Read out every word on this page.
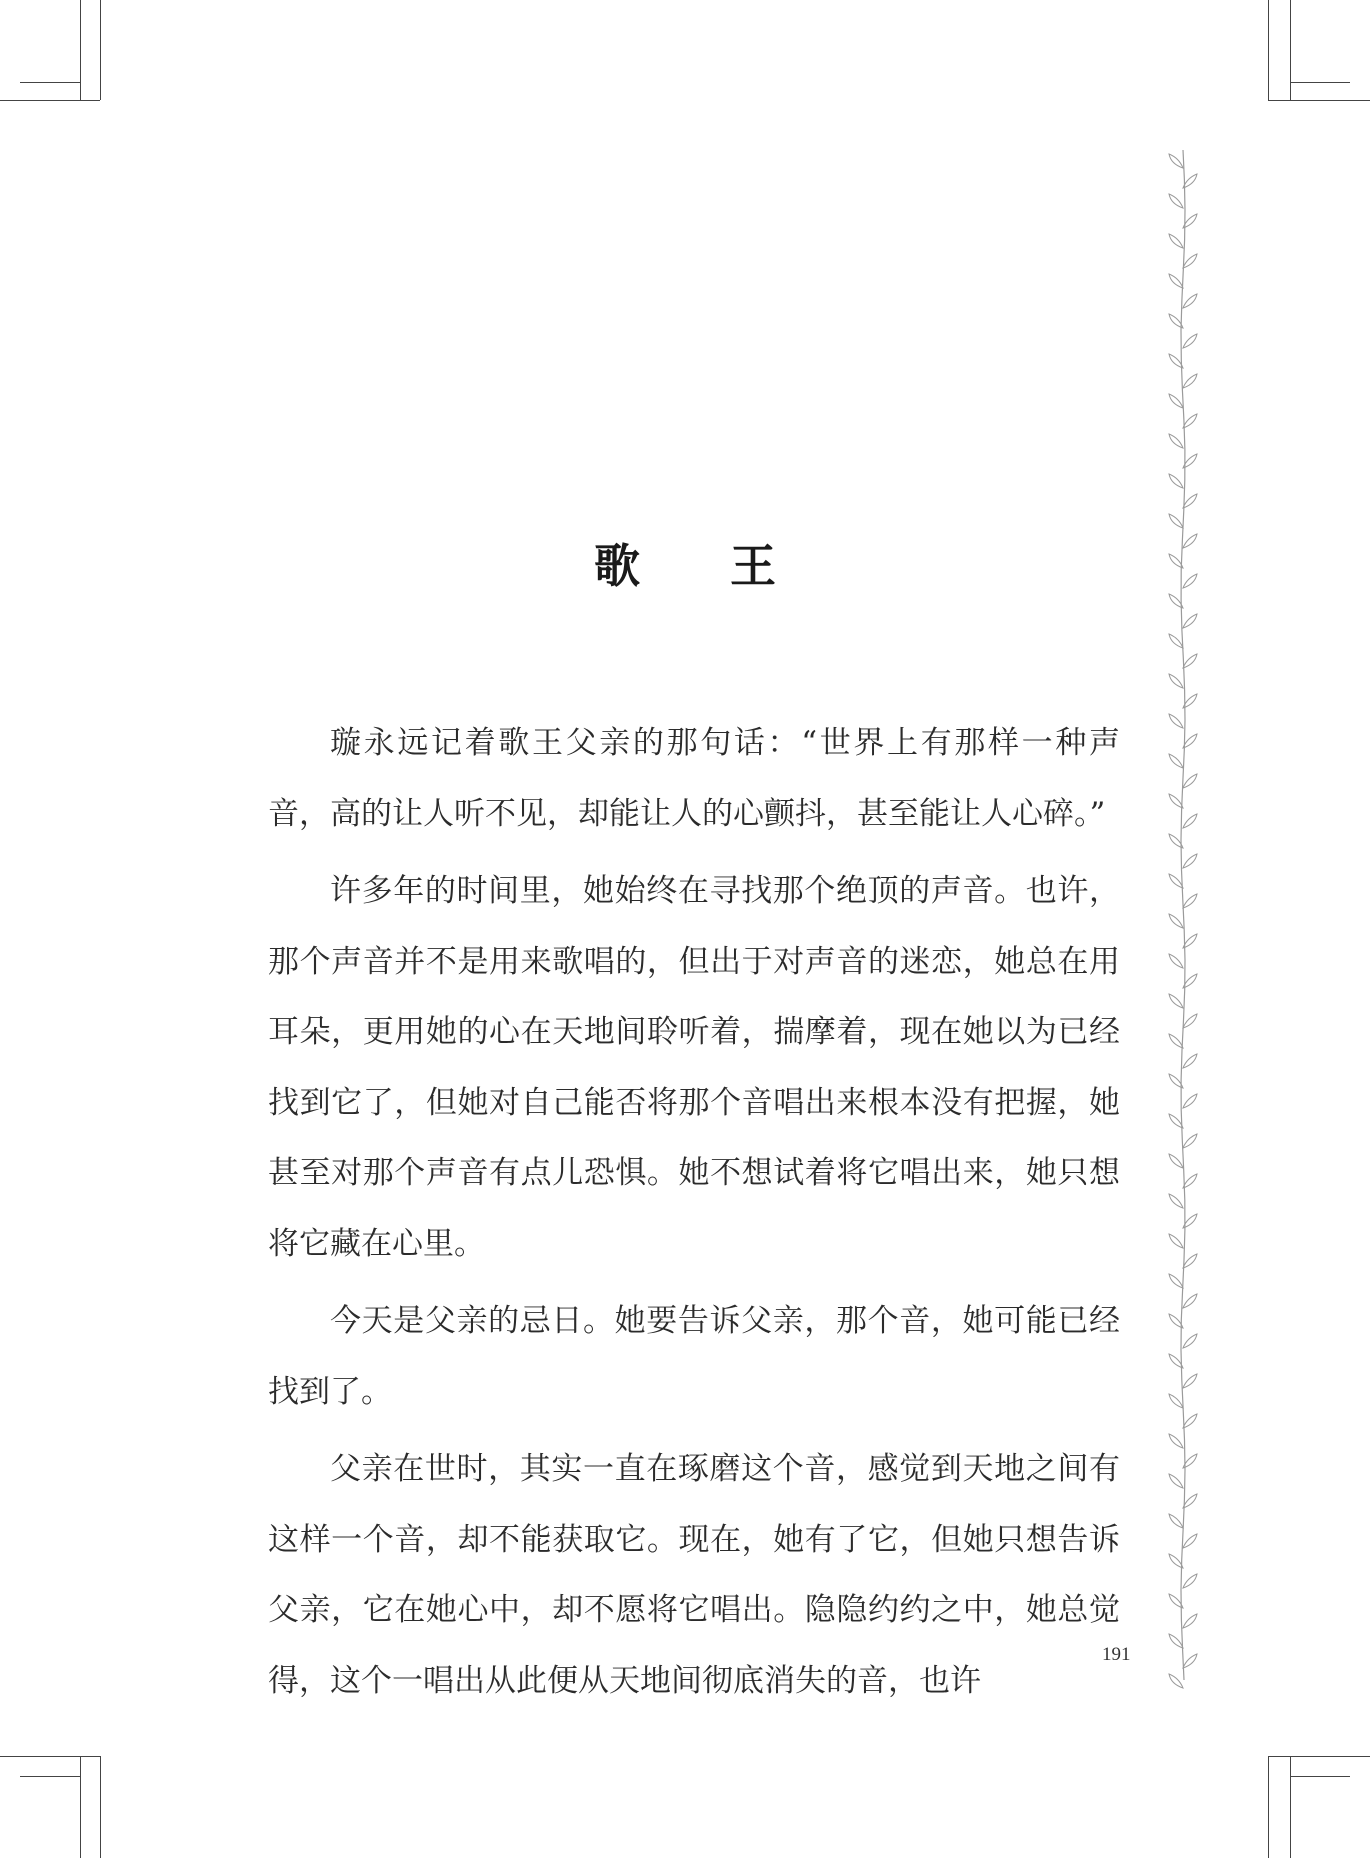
歌 王

璇永远记着歌王父亲的那句话：“世界上有那样一种声音，高的让人听不见，却能让人的心颤抖，甚至能让人心碎。”

许多年的时间里，她始终在寻找那个绝顶的声音。也许，那个声音并不是用来歌唱的，但出于对声音的迷恋，她总在用耳朵，更用她的心在天地间聆听着，揣摩着，现在她以为已经找到它了，但她对自己能否将那个音唱出来根本没有把握，她甚至对那个声音有点儿恐惧。她不想试着将它唱出来，她只想将它藏在心里。

今天是父亲的忌日。她要告诉父亲，那个音，她可能已经找到了。

父亲在世时，其实一直在琢磨这个音，感觉到天地之间有这样一个音，却不能获取它。现在，她有了它，但她只想告诉父亲，它在她心中，却不愿将它唱出。隐隐约约之中，她总觉得，这个一唱出从此便从天地间彻底消失的音，也许

191
